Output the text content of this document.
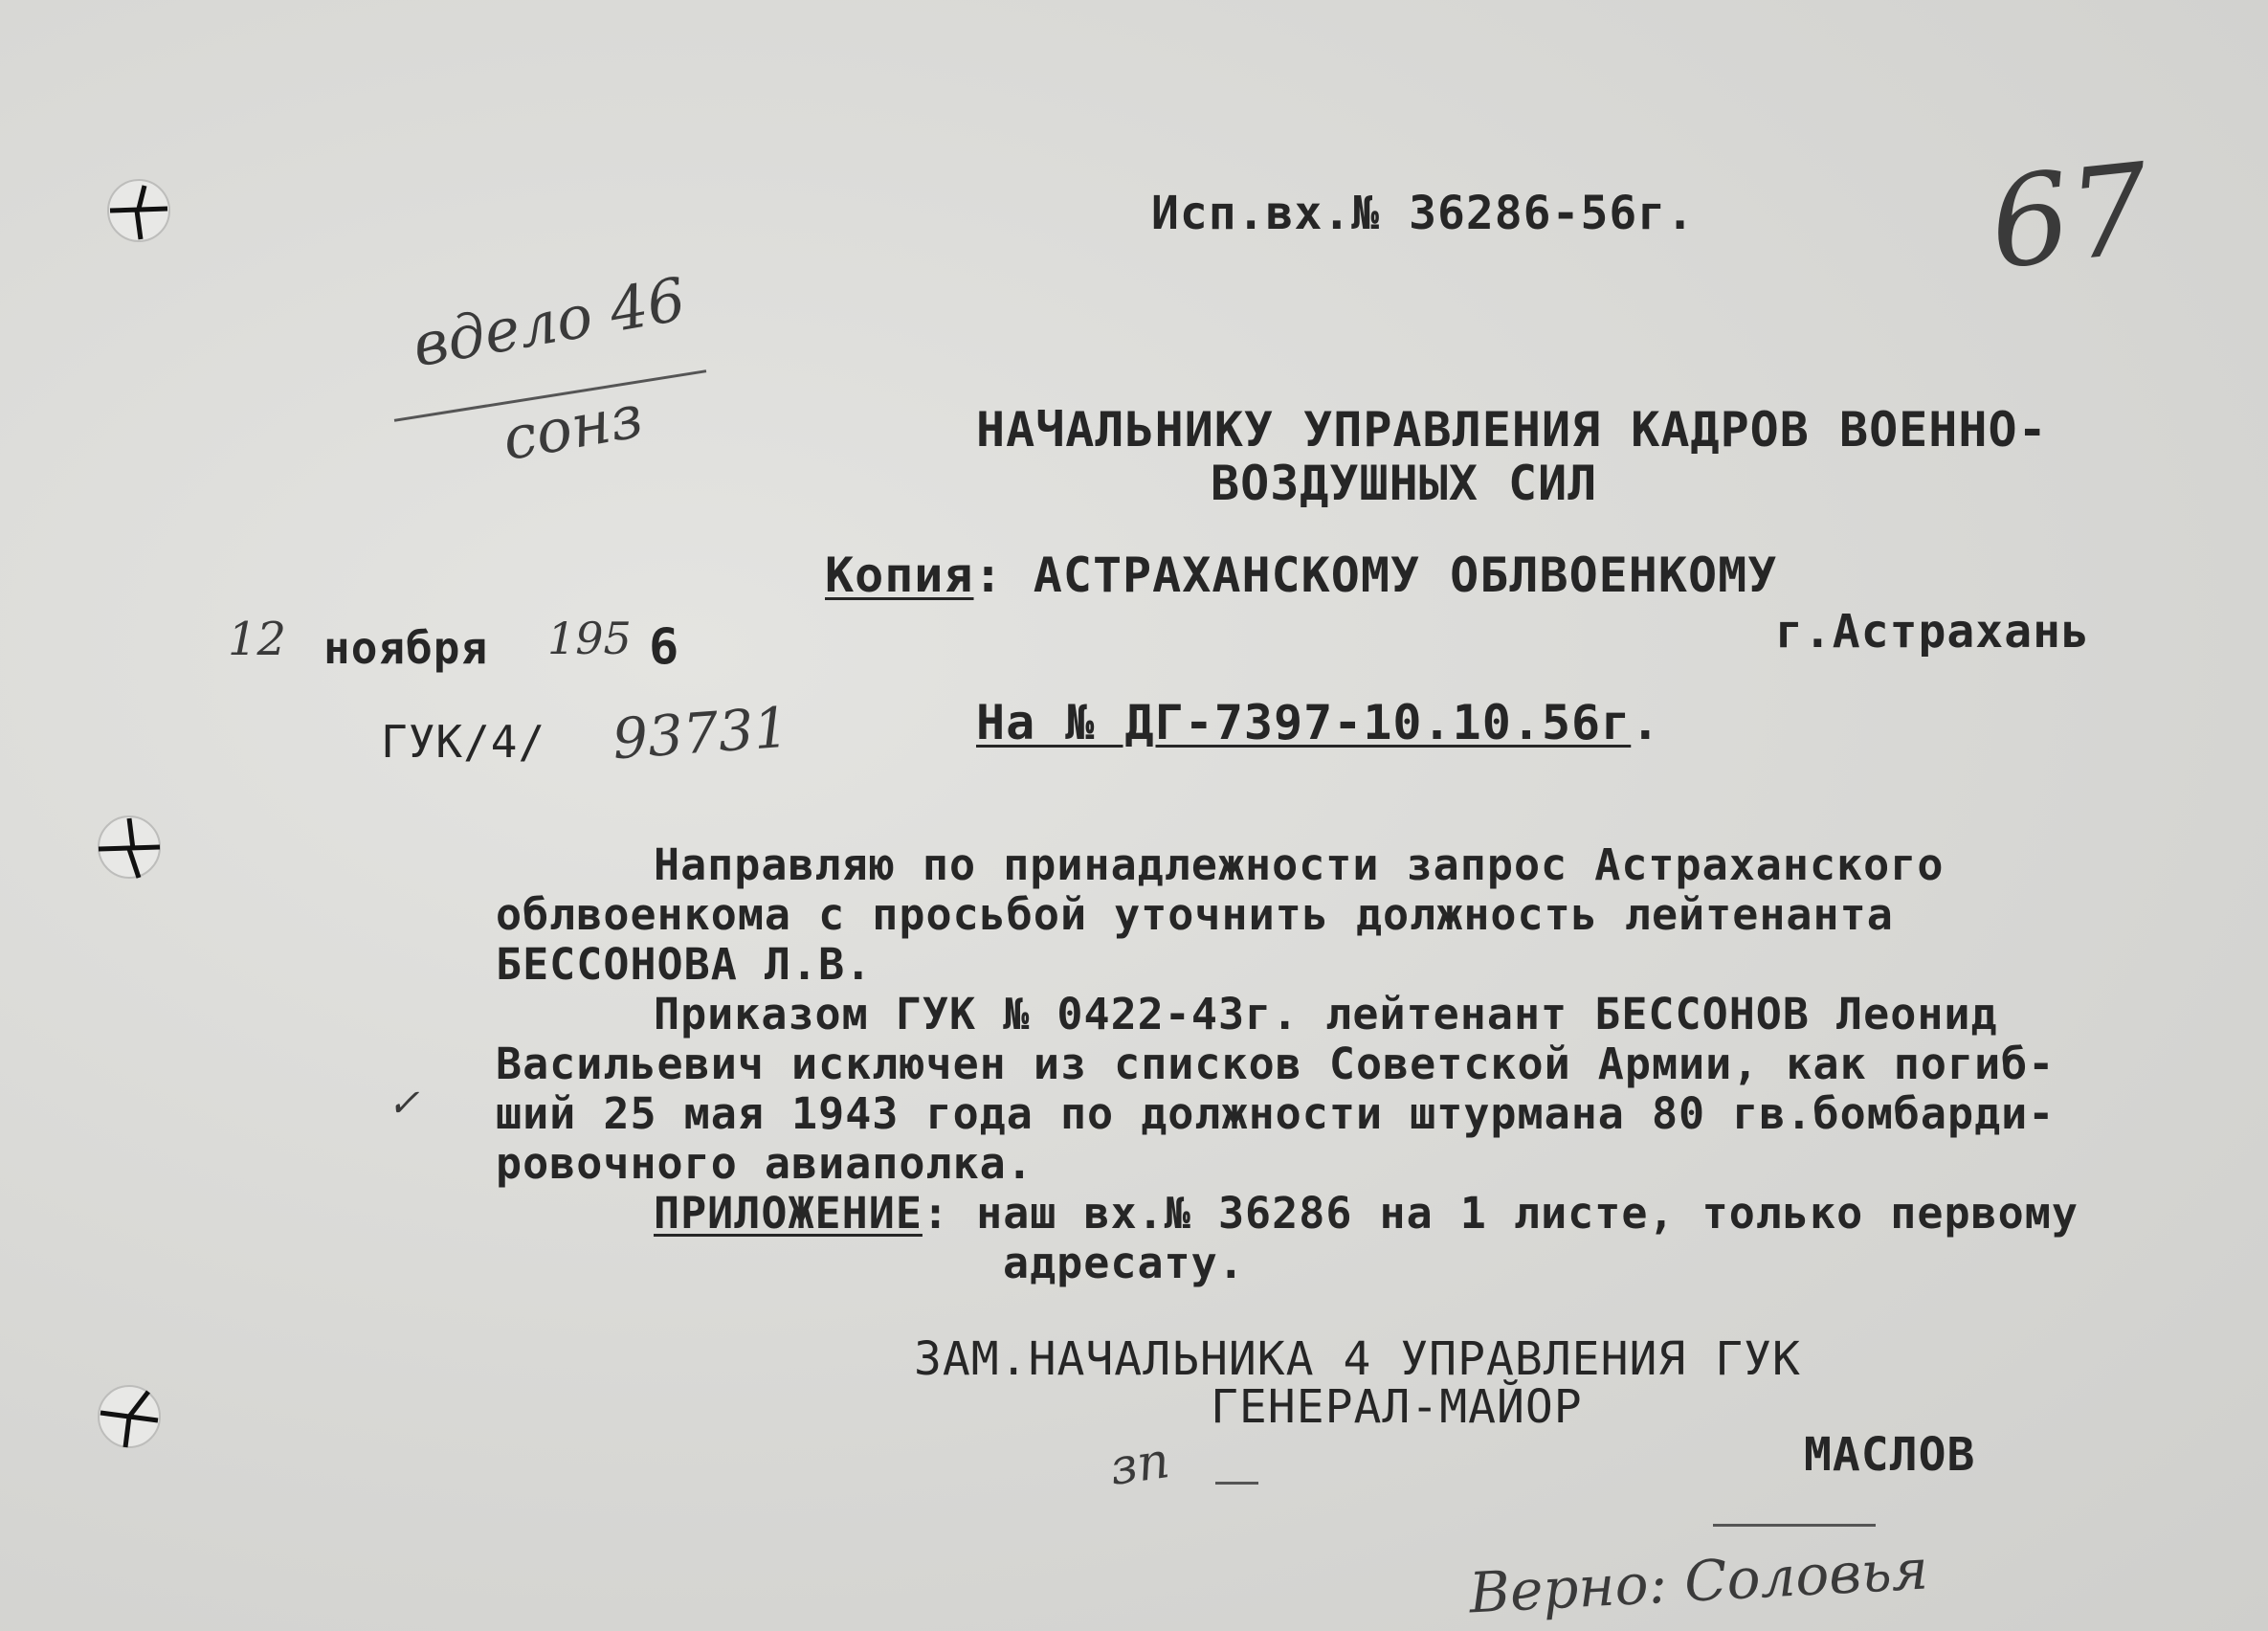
Исп.вх.№ 36286-56г. 67
вдело 46
сонз	НАЧАЛЬНИКУ УПРАВЛЕНИЯ КАДРОВ ВОЕННО-
ВОЗДУШНЫХ СИЛ
Копия: АСТРАХАНСКОМУ ОБЛВОЕНКОМУ
г.Астрахань
12 ноября 195 6
ГУК/4/ 93731	На № ДГ-7397-10.10.56г.
Направляю по принадлежности запрос Астраханского
облвоенкома с просьбой уточнить должность лейтенанта
БЕССОНОВА Л.В.
Приказом ГУК № 0422-43г. лейтенант БЕССОНОВ Леонид
Васильевич исключен из списков Советской Армии, как погиб-
ший 25 мая 1943 года по должности штурмана 80 гв.бомбарди-
ровочного авиаполка.
ПРИЛОЖЕНИЕ: наш вх.№ 36286 на 1 листе, только первому
адресату.
✓
ЗАМ.НАЧАЛЬНИКА 4 УПРАВЛЕНИЯ ГУК
ГЕНЕРАЛ-МАЙОР
МАСЛОВ
зп
Верно: Соловья
